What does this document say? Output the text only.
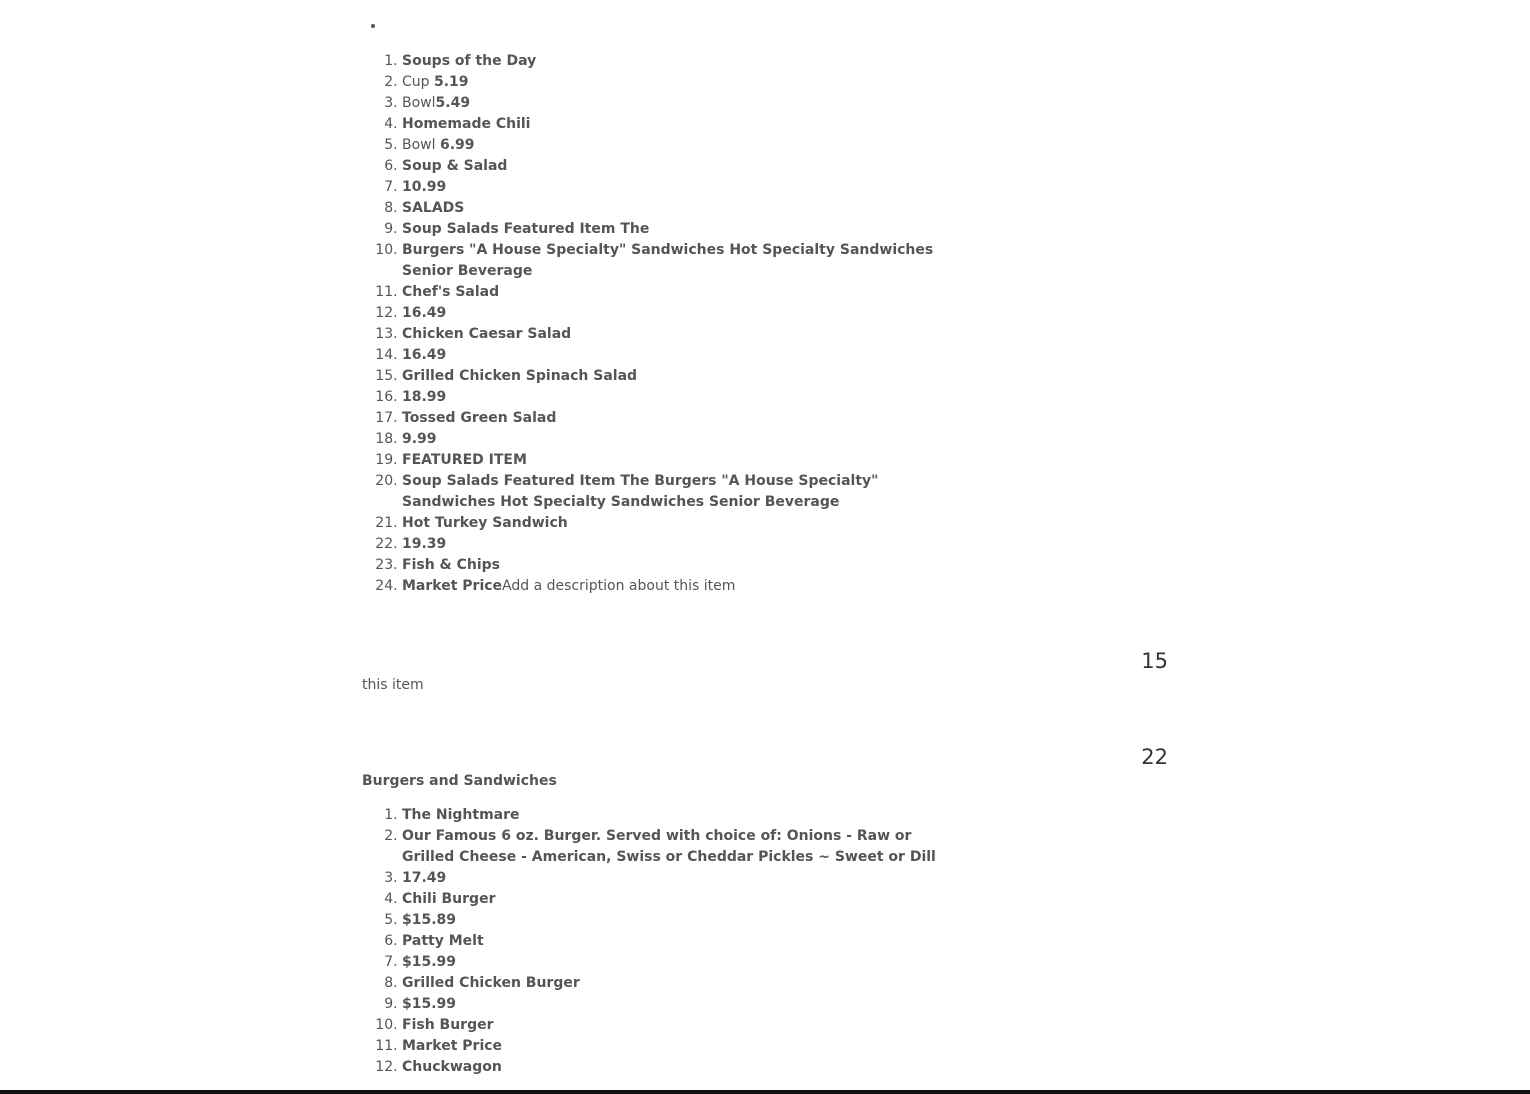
•
1. Soups of the Day
2. Cup 5.19
3. Bowl5.49
4. Homemade Chili
5. Bowl 6.99
6. Soup & Salad
7. 10.99
8. SALADS
9. Soup Salads Featured Item The
10. Burgers "A House Specialty" Sandwiches Hot Specialty Sandwiches Senior Beverage
11. Chef's Salad
12. 16.49
13. Chicken Caesar Salad
14. 16.49
15. Grilled Chicken Spinach Salad
16. 18.99
17. Tossed Green Salad
18. 9.99
19. FEATURED ITEM
20. Soup Salads Featured Item The Burgers "A House Specialty" Sandwiches Hot Specialty Sandwiches Senior Beverage
21. Hot Turkey Sandwich
22. 19.39
23. Fish & Chips
24. Market PriceAdd a description about this item
15

this item

22

Burgers and Sandwiches

1. The Nightmare
2. Our Famous 6 oz. Burger. Served with choice of: Onions - Raw or Grilled Cheese - American, Swiss or Cheddar Pickles ~ Sweet or Dill
3. 17.49
4. Chili Burger
5. $15.89
6. Patty Melt
7. $15.99
8. Grilled Chicken Burger
9. $15.99
10. Fish Burger
11. Market Price
12. Chuckwagon
